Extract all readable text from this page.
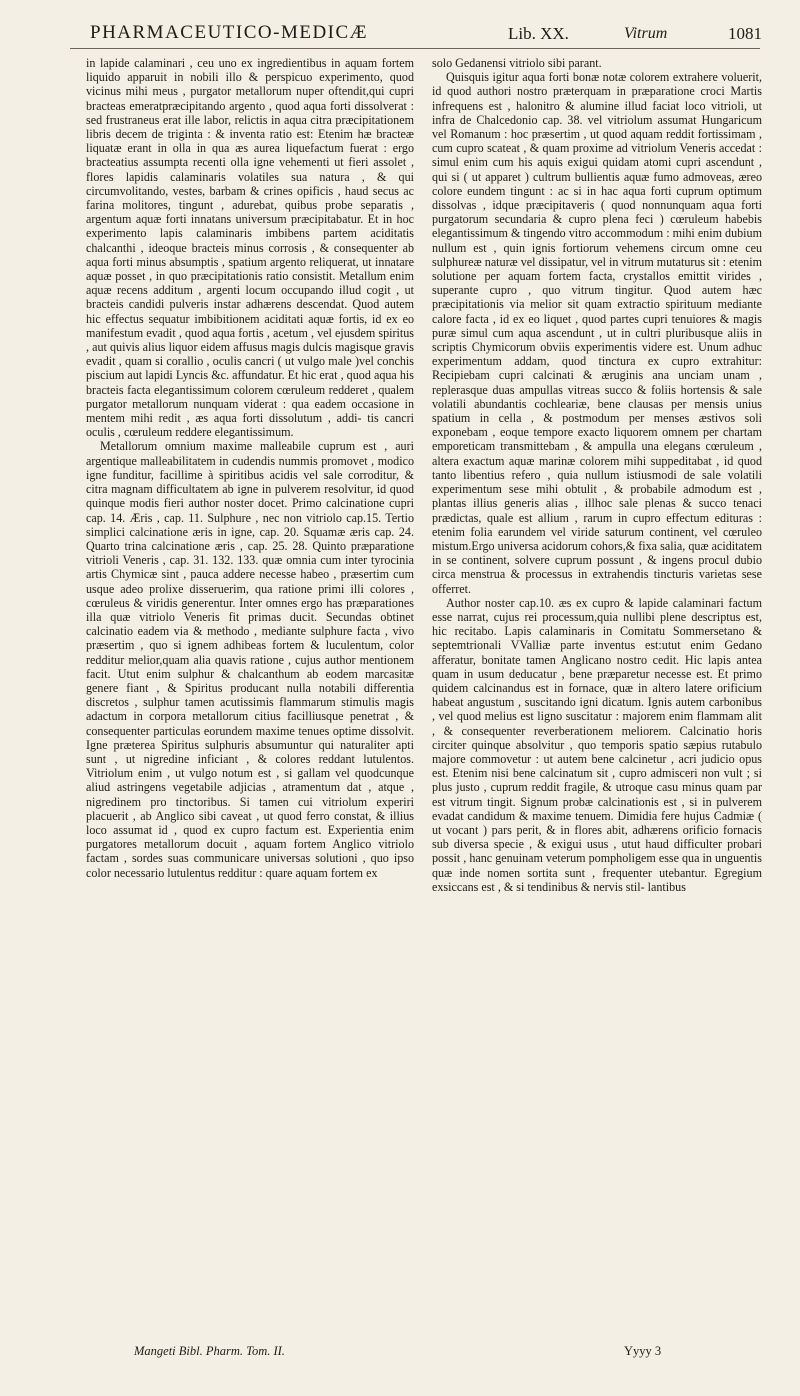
PHARMACEUTICO-MEDICÆ	Lib. XX.	Vitrum	1081

in lapide calaminari , ceu uno ex ingredientibus in aquam fortem liquido apparuit in nobili illo & perspicuo experimento, quod vicinus mihi meus , purgator metallorum nuper oftendit,qui cupri bracteas emeratpræcipitando argento , quod aqua forti dissolverat : sed frustraneus erat ille labor, relictis in aqua citra præcipitationem libris decem de triginta : & inventa ratio est: Etenim hæ bracteæ liquatæ erant in olla in qua æs aurea liquefactum fuerat : ergo bracteatius assumpta recenti olla igne vehementi ut fieri assolet , flores lapidis calaminaris volatiles sua natura , & qui circumvolitando, vestes, barbam & crines opificis , haud secus ac farina molitores, tingunt , adurebat, quibus probe separatis , argentum aquæ forti innatans universum præcipitabatur. Et in hoc experimento lapis calaminaris imbibens partem aciditatis chalcanthi , ideoque bracteis minus corrosis , & consequenter ab aqua forti minus absumptis , spatium argento reliquerat, ut innatare aquæ posset , in quo præcipitationis ratio consistit. Metallum enim aquæ recens additum , argenti locum occupando illud cogit , ut bracteis candidi pulveris instar adhærens descendat. Quod autem hic effectus sequatur imbibitionem aciditati aquæ fortis, id ex eo manifestum evadit , quod aqua fortis , acetum , vel ejusdem spiritus , aut quivis alius liquor eidem affusus magis dulcis magisque gravis evadit , quam si corallio , oculis cancri ( ut vulgo male )vel conchis piscium aut lapidi Lyncis &c. affundatur. Et hic erat , quod aqua his bracteis facta elegantissimum colorem cœruleum redderet , qualem purgator metallorum nunquam viderat : qua eadem occasione in mentem mihi redit , æs aqua forti dissolutum , addi- tis cancri oculis , cœruleum reddere elegantissimum.

Metallorum omnium maxime malleabile cuprum est , auri argentique malleabilitatem in cudendis nummis promovet , modico igne funditur, facillime à spiritibus acidis vel sale corroditur, & citra magnam difficultatem ab igne in pulverem resolvitur, id quod quinque modis fieri author noster docet. Primo calcinatione cupri cap. 14. Æris , cap. 11. Sulphure , nec non vitriolo cap.15. Tertio simplici calcinatione æris in igne, cap. 20. Squamæ æris cap. 24. Quarto trina calcinatione æris , cap. 25. 28. Quinto præparatione vitrioli Veneris , cap. 31. 132. 133. quæ omnia cum inter tyrocinia artis Chymicæ sint , pauca addere necesse habeo , præsertim cum usque adeo prolixe disseruerim, qua ratione primi illi colores , cœruleus & viridis generentur. Inter omnes ergo has præparationes illa quæ vitriolo Veneris fit primas ducit. Secundas obtinet calcinatio eadem via & methodo , mediante sulphure facta , vivo præsertim , quo si ignem adhibeas fortem & luculentum, color redditur melior,quam alia quavis ratione , cujus author mentionem facit. Utut enim sulphur & chalcanthum ab eodem marcasitæ genere fiant , & Spiritus producant nulla notabili differentia discretos , sulphur tamen acutissimis flammarum stimulis magis adactum in corpora metallorum citius facilliusque penetrat , & consequenter particulas eorundem maxime tenues optime dissolvit. Igne præterea Spiritus sulphuris absumuntur qui naturaliter apti sunt , ut nigredine inficiant , & colores reddant lutulentos. Vitriolum enim , ut vulgo notum est , si gallam vel quodcunque aliud astringens vegetabile adjicias , atramentum dat , atque , nigredinem pro tinctoribus. Si tamen cui vitriolum experiri placuerit , ab Anglico sibi caveat , ut quod ferro constat, & illius loco assumat id , quod ex cupro factum est. Experientia enim purgatores metallorum docuit , aquam fortem Anglico vitriolo factam , sordes suas communicare universas solutioni , quo ipso color necessario lutulentus redditur : quare aquam fortem ex

solo Gedanensi vitriolo sibi parant.

Quisquis igitur aqua forti bonæ notæ colorem extrahere voluerit, id quod authori nostro præterquam in præparatione croci Martis infrequens est , halonitro & alumine illud faciat loco vitrioli, ut infra de Chalcedonio cap. 38. vel vitriolum assumat Hungaricum vel Romanum : hoc præsertim , ut quod aquam reddit fortissimam , cum cupro scateat , & quam proxime ad vitriolum Veneris accedat : simul enim cum his aquis exigui quidam atomi cupri ascendunt , qui si ( ut apparet ) cultrum bullientis aquæ fumo admoveas, æreo colore eundem tingunt : ac si in hac aqua forti cuprum optimum dissolvas , idque præcipitaveris ( quod nonnunquam aqua forti purgatorum secundaria & cupro plena feci ) cœruleum habebis elegantissimum & tingendo vitro accommodum : mihi enim dubium nullum est , quin ignis fortiorum vehemens circum omne ceu sulphureæ naturæ vel dissipatur, vel in vitrum mutaturus sit : etenim solutione per aquam fortem facta, crystallos emittit virides , superante cupro , quo vitrum tingitur. Quod autem hæc præcipitationis via melior sit quam extractio spirituum mediante calore facta , id ex eo liquet , quod partes cupri tenuiores & magis puræ simul cum aqua ascendunt , ut in cultri pluribusque aliis in scriptis Chymicorum obviis experimentis videre est. Unum adhuc experimentum addam, quod tinctura ex cupro extrahitur: Recipiebam cupri calcinati & æruginis ana unciam unam , replerasque duas ampullas vitreas succo & foliis hortensis & sale volatili abundantis cochleariæ, bene clausas per mensis unius spatium in cella , & postmodum per menses æstivos soli exponebam , eoque tempore exacto liquorem omnem per chartam emporeticam transmittebam , & ampulla una elegans cœruleum , altera exactum aquæ marinæ colorem mihi suppeditabat , id quod tanto libentius refero , quia nullum istiusmodi de sale volatili experimentum sese mihi obtulit , & probabile admodum est , plantas illius generis alias , illhoc sale plenas & succo tenaci prædictas, quale est allium , rarum in cupro effectum edituras : etenim folia earundem vel viride saturum continent, vel cœruleo mistum.Ergo universa acidorum cohors,& fixa salia, quæ aciditatem in se continent, solvere cuprum possunt , & ingens procul dubio circa menstrua & processus in extrahendis tincturis varietas sese offerret.

Author noster cap.10. æs ex cupro & lapide calaminari factum esse narrat, cujus rei processum,quia nullibi plene descriptus est, hic recitabo. Lapis calaminaris in Comitatu Sommersetano & septemtrionali VValliæ parte inventus est:utut enim Gedano afferatur, bonitate tamen Anglicano nostro cedit. Hic lapis antea quam in usum deducatur , bene præparetur necesse est. Et primo quidem calcinandus est in fornace, quæ in altero latere orificium habeat angustum , suscitando igni dicatum. Ignis autem carbonibus , vel quod melius est ligno suscitatur : majorem enim flammam alit , & consequenter reverberationem meliorem. Calcinatio horis circiter quinque absolvitur , quo temporis spatio sæpius rutabulo majore commovetur : ut autem bene calcinetur , acri judicio opus est. Etenim nisi bene calcinatum sit , cupro admisceri non vult ; si plus justo , cuprum reddit fragile, & utroque casu minus quam par est vitrum tingit. Signum probæ calcinationis est , si in pulverem evadat candidum & maxime tenuem. Dimidia fere hujus Cadmiæ ( ut vocant ) pars perit, & in flores abit, adhærens orificio fornacis sub diversa specie , & exigui usus , utut haud difficulter probari possit , hanc genuinam veterum pompholigem esse qua in unguentis quæ inde nomen sortita sunt , frequenter utebantur. Egregium exsiccans est , & si tendinibus & nervis stil- lantibus

Mangeti Bibl. Pharm. Tom. II.	Yyyy 3
